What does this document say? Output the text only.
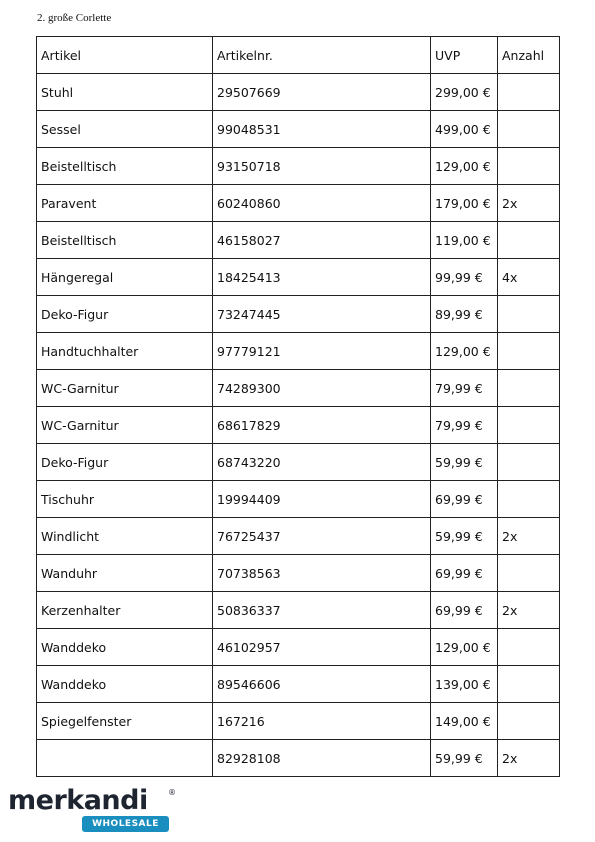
2. große Corlette
Artikel	Artikelnr.	UVP	Anzahl
Stuhl	29507669	299,00 €	
Sessel	99048531	499,00 €	
Beistelltisch	93150718	129,00 €	
Paravent	60240860	179,00 €	2x
Beistelltisch	46158027	119,00 €	
Hängeregal	18425413	99,99 €	4x
Deko-Figur	73247445	89,99 €	
Handtuchhalter	97779121	129,00 €	
WC-Garnitur	74289300	79,99 €	
WC-Garnitur	68617829	79,99 €	
Deko-Figur	68743220	59,99 €	
Tischuhr	19994409	69,99 €	
Windlicht	76725437	59,99 €	2x
Wanduhr	70738563	69,99 €	
Kerzenhalter	50836337	69,99 €	2x
Wanddeko	46102957	129,00 €	
Wanddeko	89546606	139,00 €	
Spiegelfenster	167216	149,00 €	
	82928108	59,99 €	2x
merkandi	®
WHOLESALE
